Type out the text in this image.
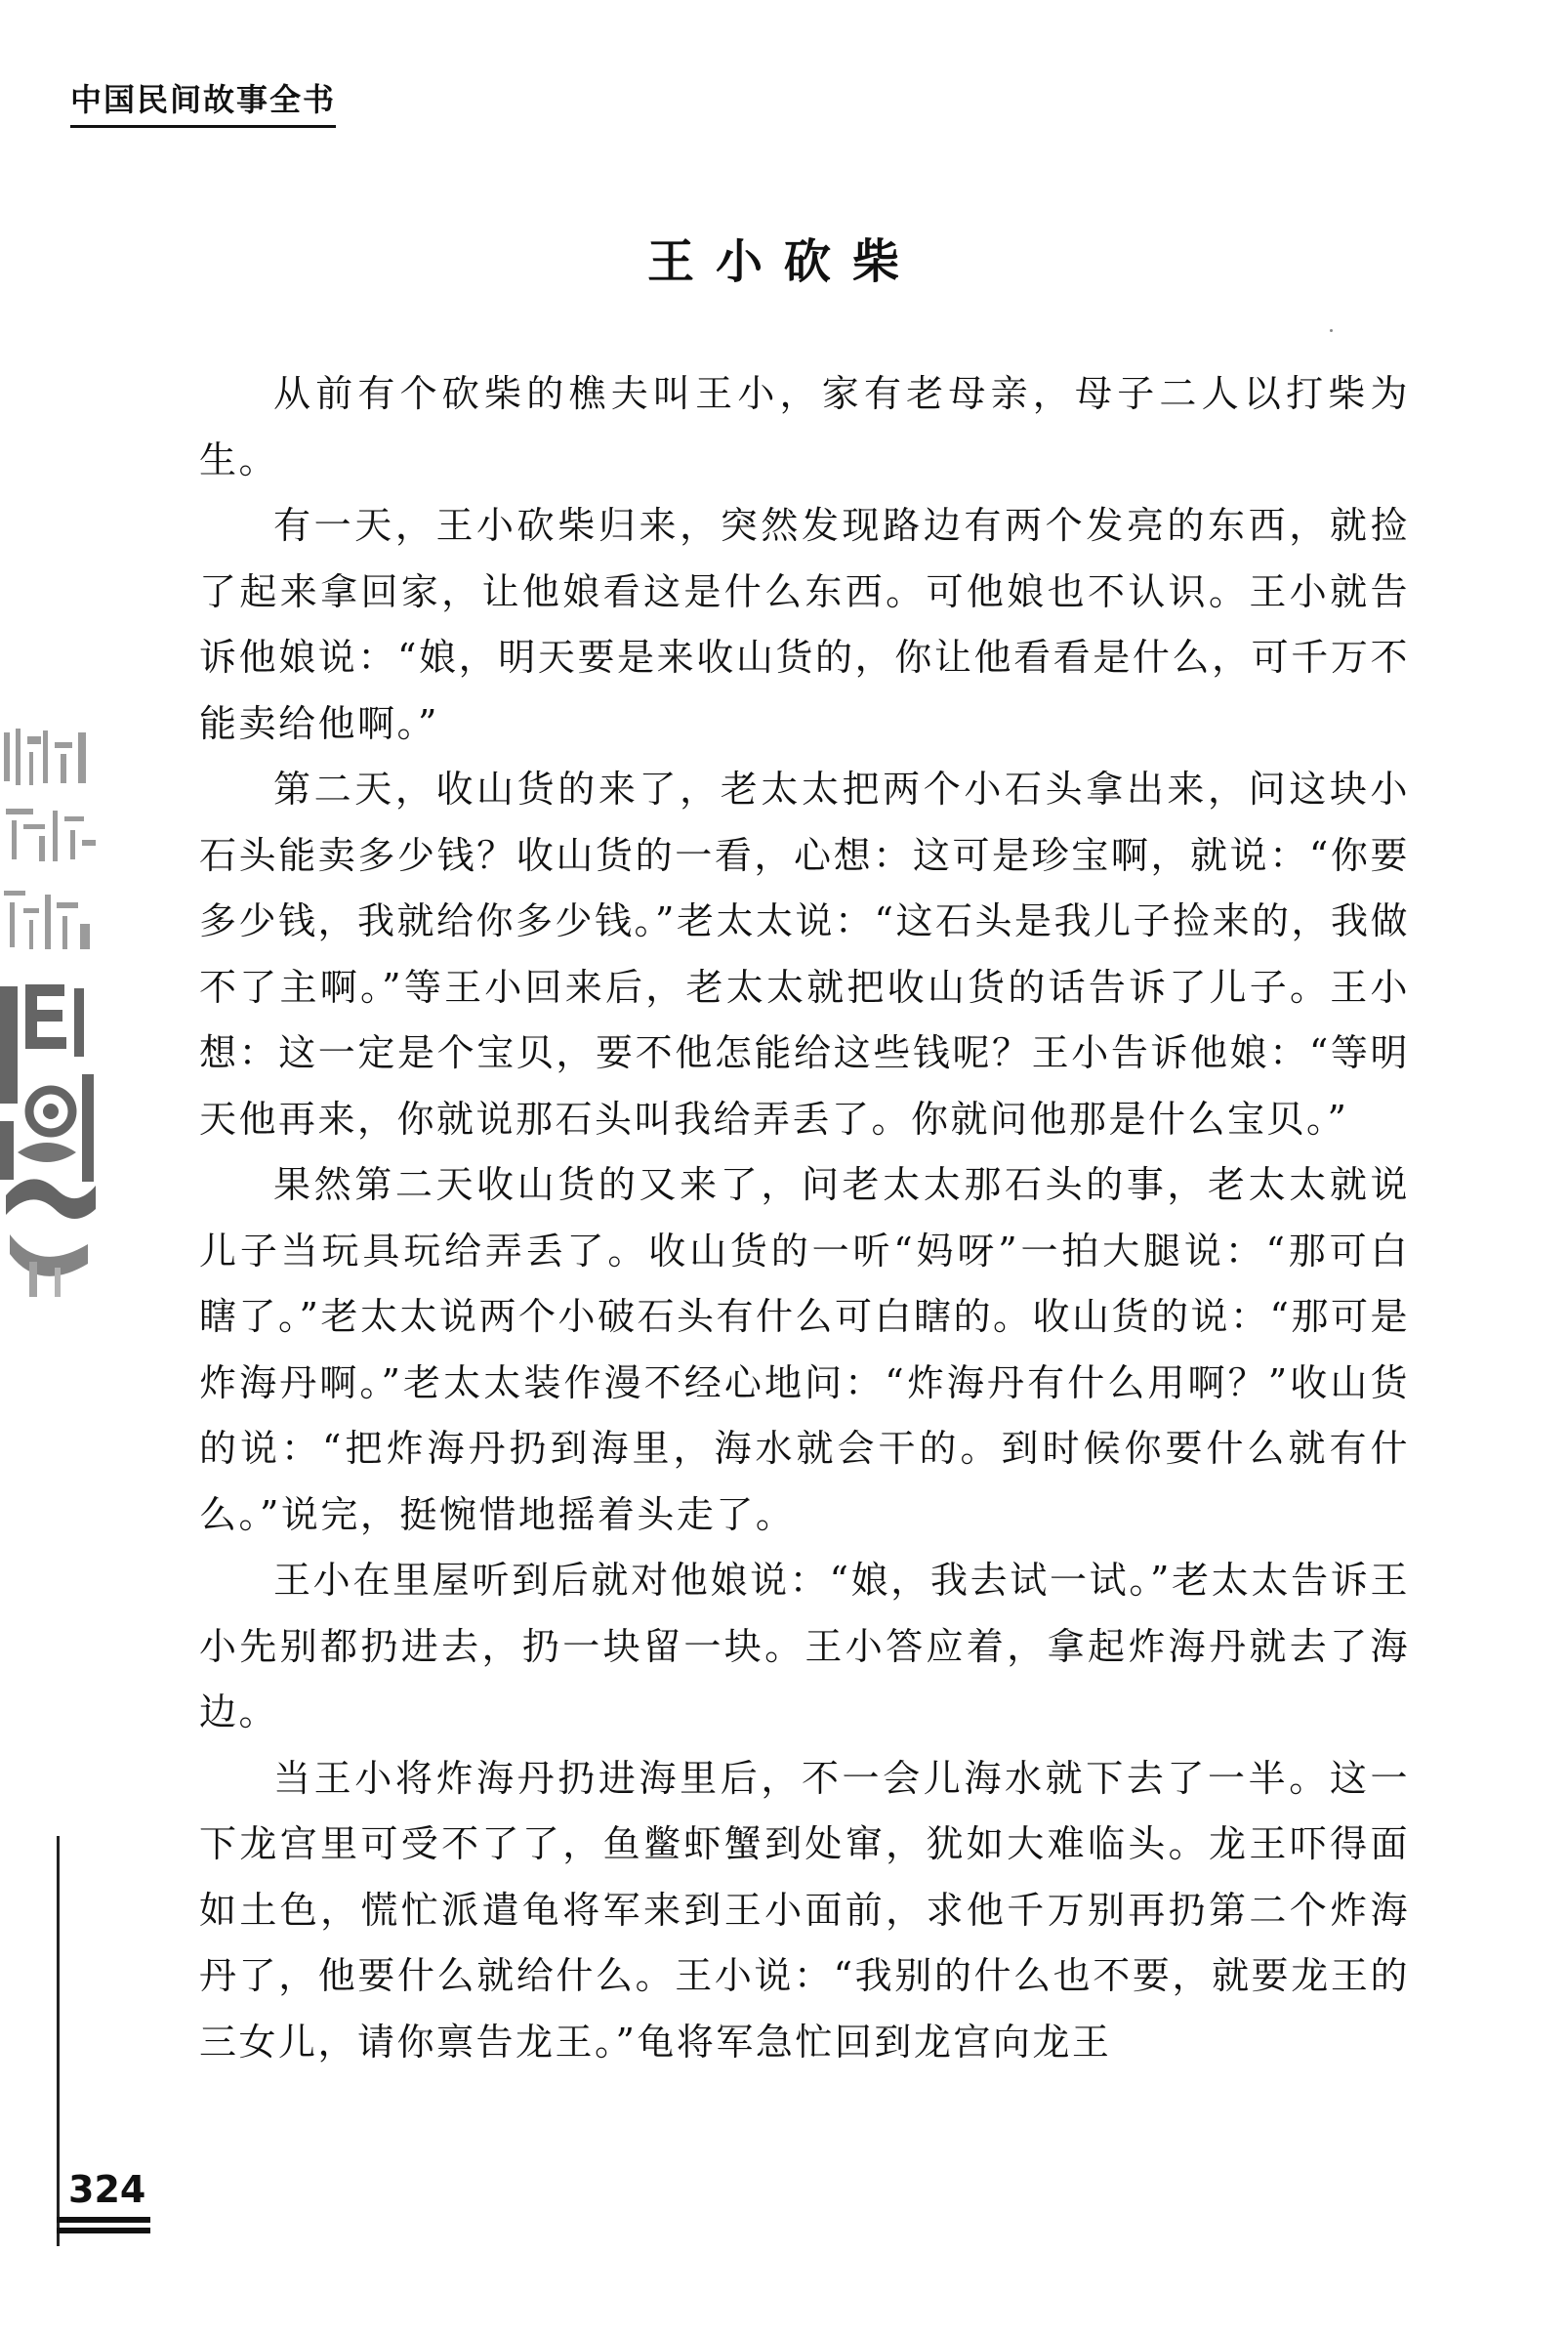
中国民间故事全书
王小砍柴

从前有个砍柴的樵夫叫王小，家有老母亲，母子二人以打柴为生。

有一天，王小砍柴归来，突然发现路边有两个发亮的东西，就捡了起来拿回家，让他娘看这是什么东西。可他娘也不认识。王小就告诉他娘说：“娘，明天要是来收山货的，你让他看看是什么，可千万不能卖给他啊。”

第二天，收山货的来了，老太太把两个小石头拿出来，问这块小石头能卖多少钱？收山货的一看，心想：这可是珍宝啊，就说：“你要多少钱，我就给你多少钱。”老太太说：“这石头是我儿子捡来的，我做不了主啊。”等王小回来后，老太太就把收山货的话告诉了儿子。王小想：这一定是个宝贝，要不他怎能给这些钱呢？王小告诉他娘：“等明天他再来，你就说那石头叫我给弄丢了。你就问他那是什么宝贝。”

果然第二天收山货的又来了，问老太太那石头的事，老太太就说儿子当玩具玩给弄丢了。收山货的一听“妈呀”一拍大腿说：“那可白瞎了。”老太太说两个小破石头有什么可白瞎的。收山货的说：“那可是炸海丹啊。”老太太装作漫不经心地问：“炸海丹有什么用啊？”收山货的说：“把炸海丹扔到海里，海水就会干的。到时候你要什么就有什么。”说完，挺惋惜地摇着头走了。

王小在里屋听到后就对他娘说：“娘，我去试一试。”老太太告诉王小先别都扔进去，扔一块留一块。王小答应着，拿起炸海丹就去了海边。

当王小将炸海丹扔进海里后，不一会儿海水就下去了一半。这一下龙宫里可受不了了，鱼鳖虾蟹到处窜，犹如大难临头。龙王吓得面如土色，慌忙派遣龟将军来到王小面前，求他千万别再扔第二个炸海丹了，他要什么就给什么。王小说：“我别的什么也不要，就要龙王的三女儿，请你禀告龙王。”龟将军急忙回到龙宫向龙王

324
